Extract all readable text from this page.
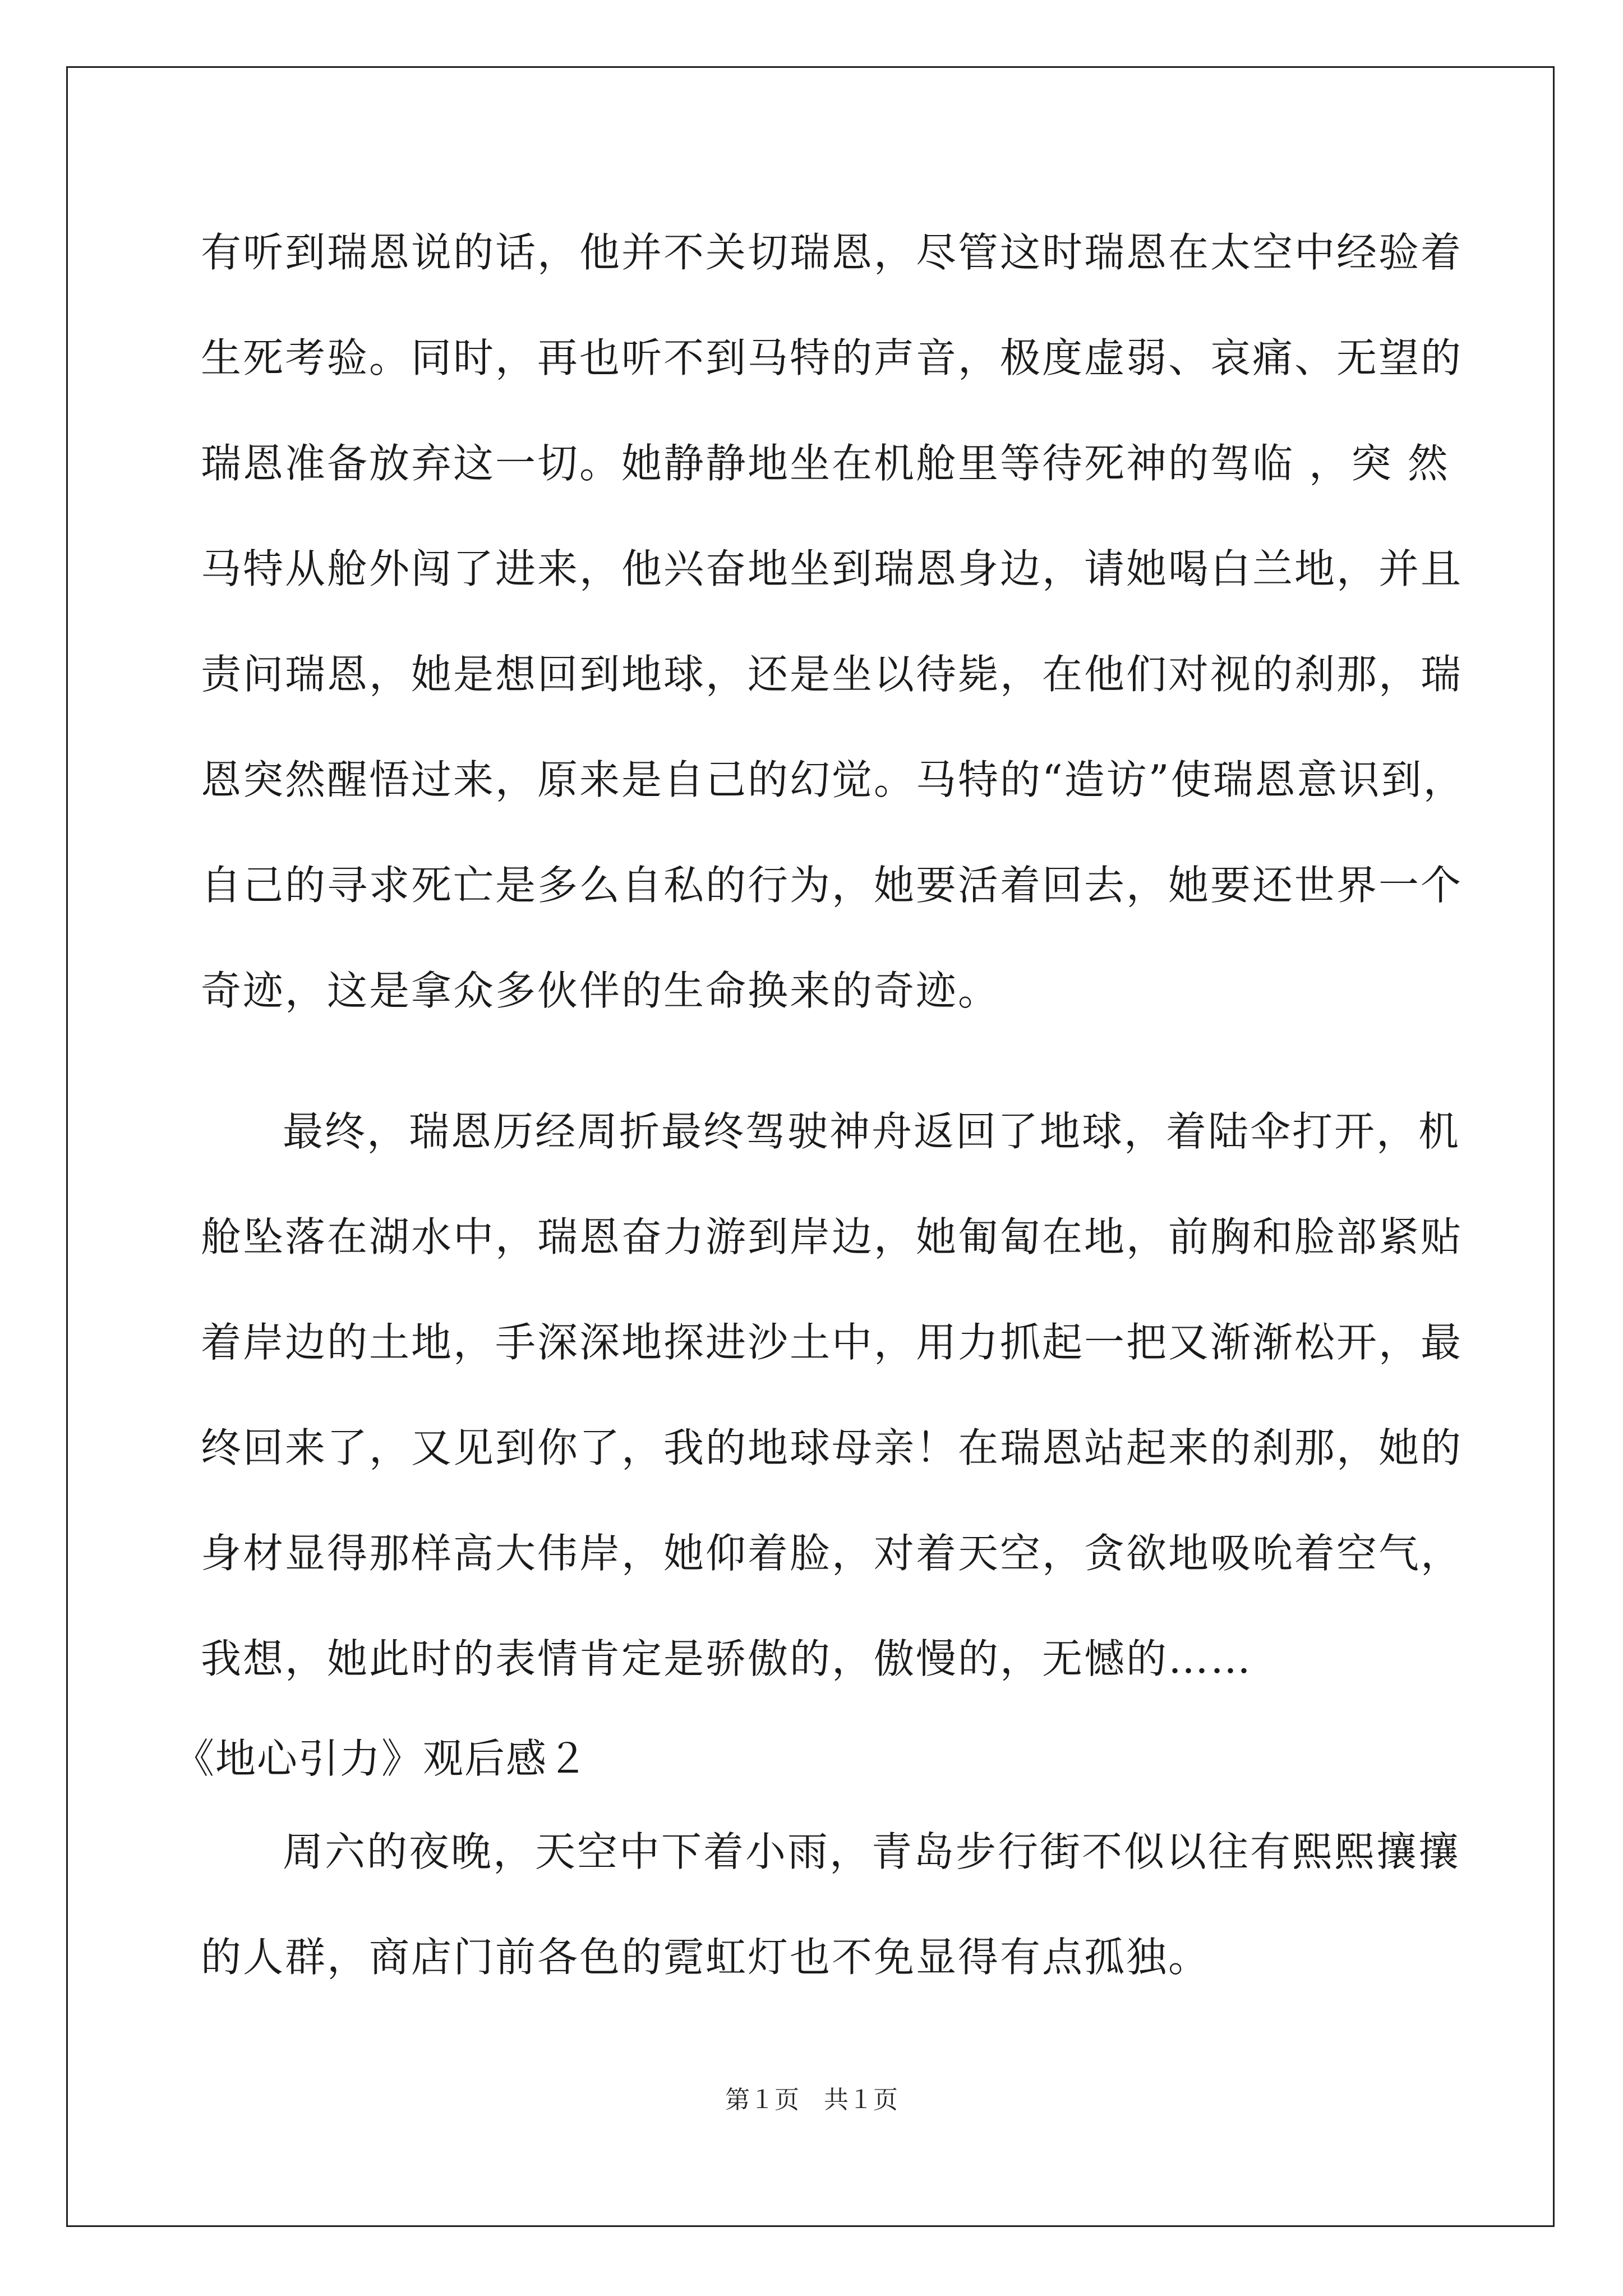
有听到瑞恩说的话，他并不关切瑞恩，尽管这时瑞恩在太空中经验着
生死考验。同时，再也听不到马特的声音，极度虚弱、哀痛、无望的
瑞恩准备放弃这一切。她静静地坐在机舱里等待死神的驾临 ，突 然
马特从舱外闯了进来，他兴奋地坐到瑞恩身边，请她喝白兰地，并且
责问瑞恩，她是想回到地球，还是坐以待毙，在他们对视的刹那，瑞
恩突然醒悟过来，原来是自己的幻觉。马特的“造访”使瑞恩意识到，
自己的寻求死亡是多么自私的行为，她要活着回去，她要还世界一个
奇迹，这是拿众多伙伴的生命换来的奇迹。
最终，瑞恩历经周折最终驾驶神舟返回了地球，着陆伞打开，机
舱坠落在湖水中，瑞恩奋力游到岸边，她匍匐在地，前胸和脸部紧贴
着岸边的土地，手深深地探进沙土中，用力抓起一把又渐渐松开，最
终回来了，又见到你了，我的地球母亲！在瑞恩站起来的刹那，她的
身材显得那样高大伟岸，她仰着脸，对着天空，贪欲地吸吮着空气，
我想，她此时的表情肯定是骄傲的，傲慢的，无憾的……
《地心引力》观后感２
周六的夜晚，天空中下着小雨，青岛步行街不似以往有熙熙攘攘
的人群，商店门前各色的霓虹灯也不免显得有点孤独。
第１页　共１页
